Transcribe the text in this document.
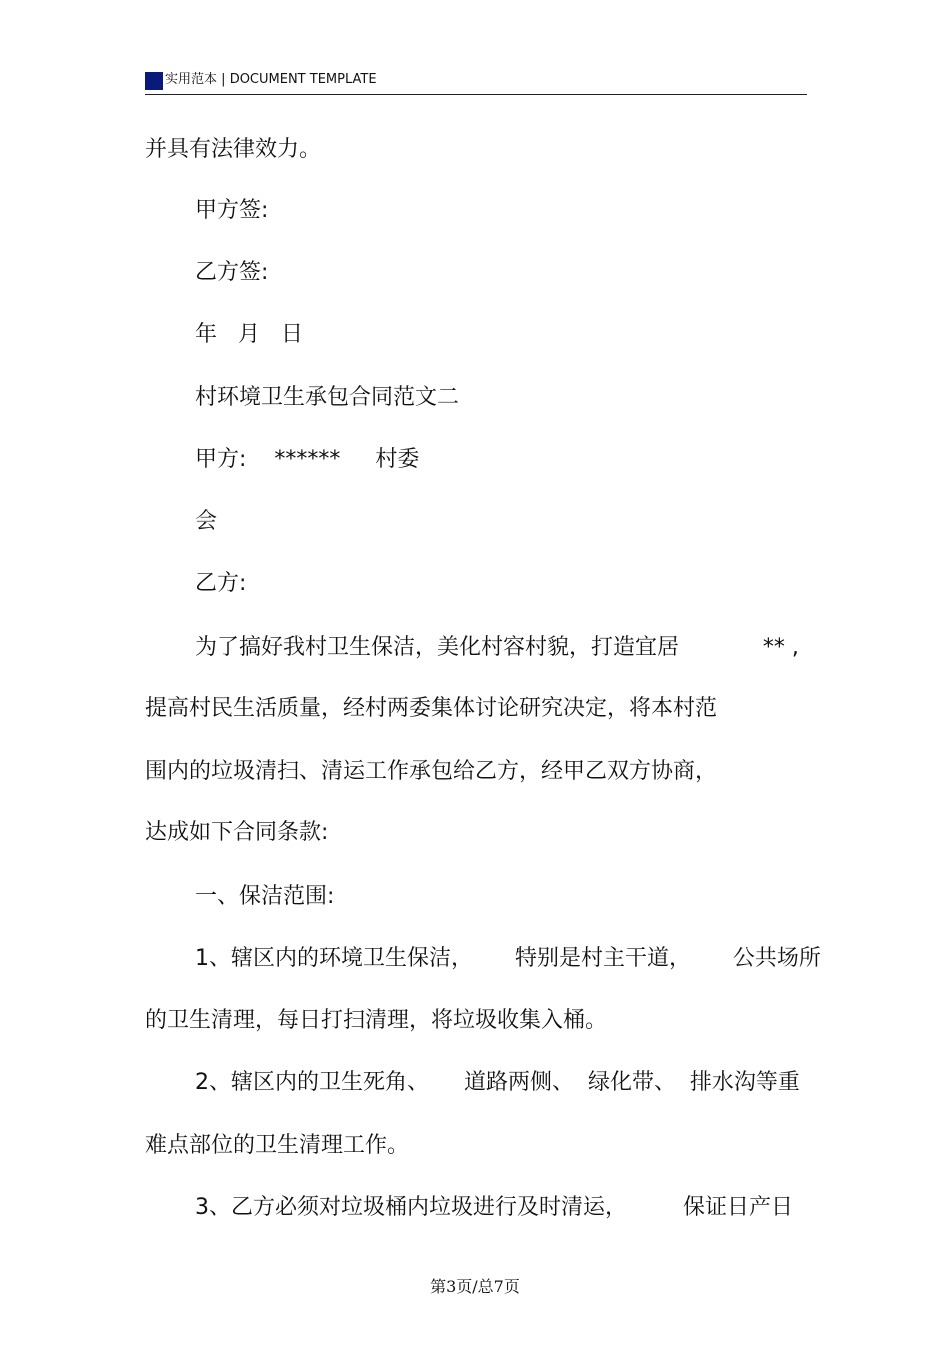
实用范本 | DOCUMENT TEMPLATE
并具有法律效力。
甲方签:
乙方签:
年   月   日
村环境卫生承包合同范文二
甲方:    ******     村委
会
乙方:
为了搞好我村卫生保洁，美化村容村貌，打造宜居            ** ,
提高村民生活质量，经村两委集体讨论研究决定，将本村范
围内的垃圾清扫、清运工作承包给乙方，经甲乙双方协商，
达成如下合同条款:
一、保洁范围:
1、辖区内的环境卫生保洁，      特别是村主干道，      公共场所
的卫生清理，每日打扫清理，将垃圾收集入桶。
2、辖区内的卫生死角、     道路两侧、  绿化带、  排水沟等重
难点部位的卫生清理工作。
3、乙方必须对垃圾桶内垃圾进行及时清运，        保证日产日
第3页/总7页
